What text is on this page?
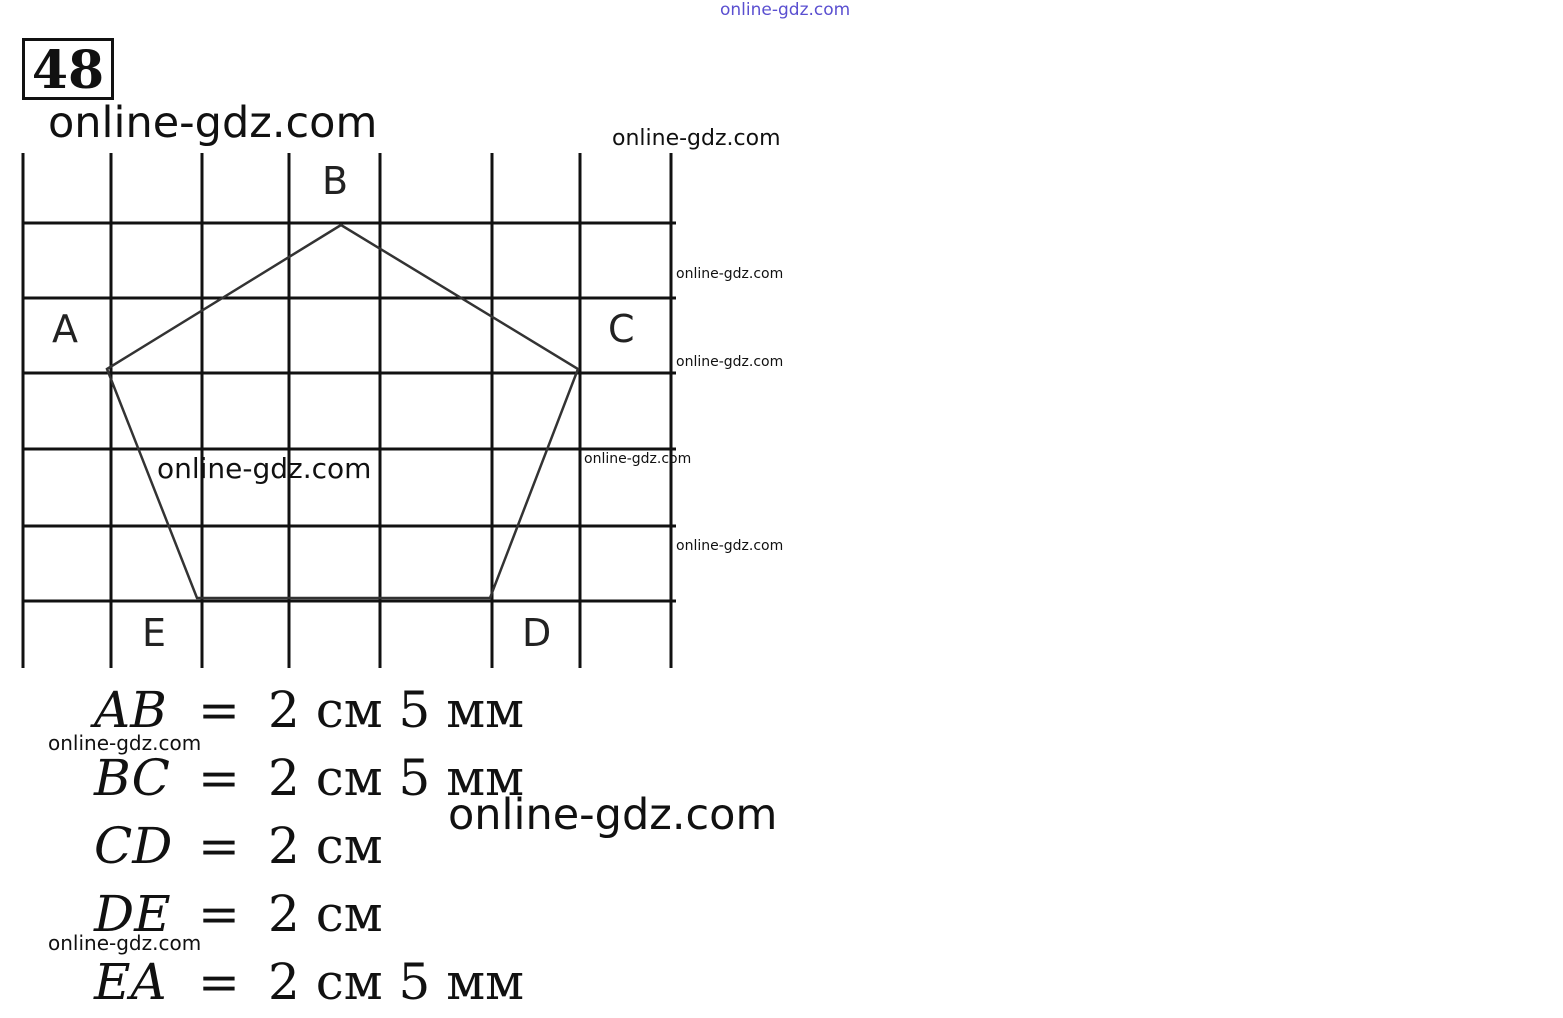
online-gdz.com
48
online-gdz.com	online-gdz.com
A
B
C
D
E
online-gdz.com
online-gdz.com
online-gdz.com
online-gdz.com
online-gdz.com
AB = 2 см 5 мм
BC = 2 см 5 мм
CD = 2 см
DE = 2 см
EA = 2 см 5 мм
online-gdz.com
online-gdz.com
online-gdz.com
